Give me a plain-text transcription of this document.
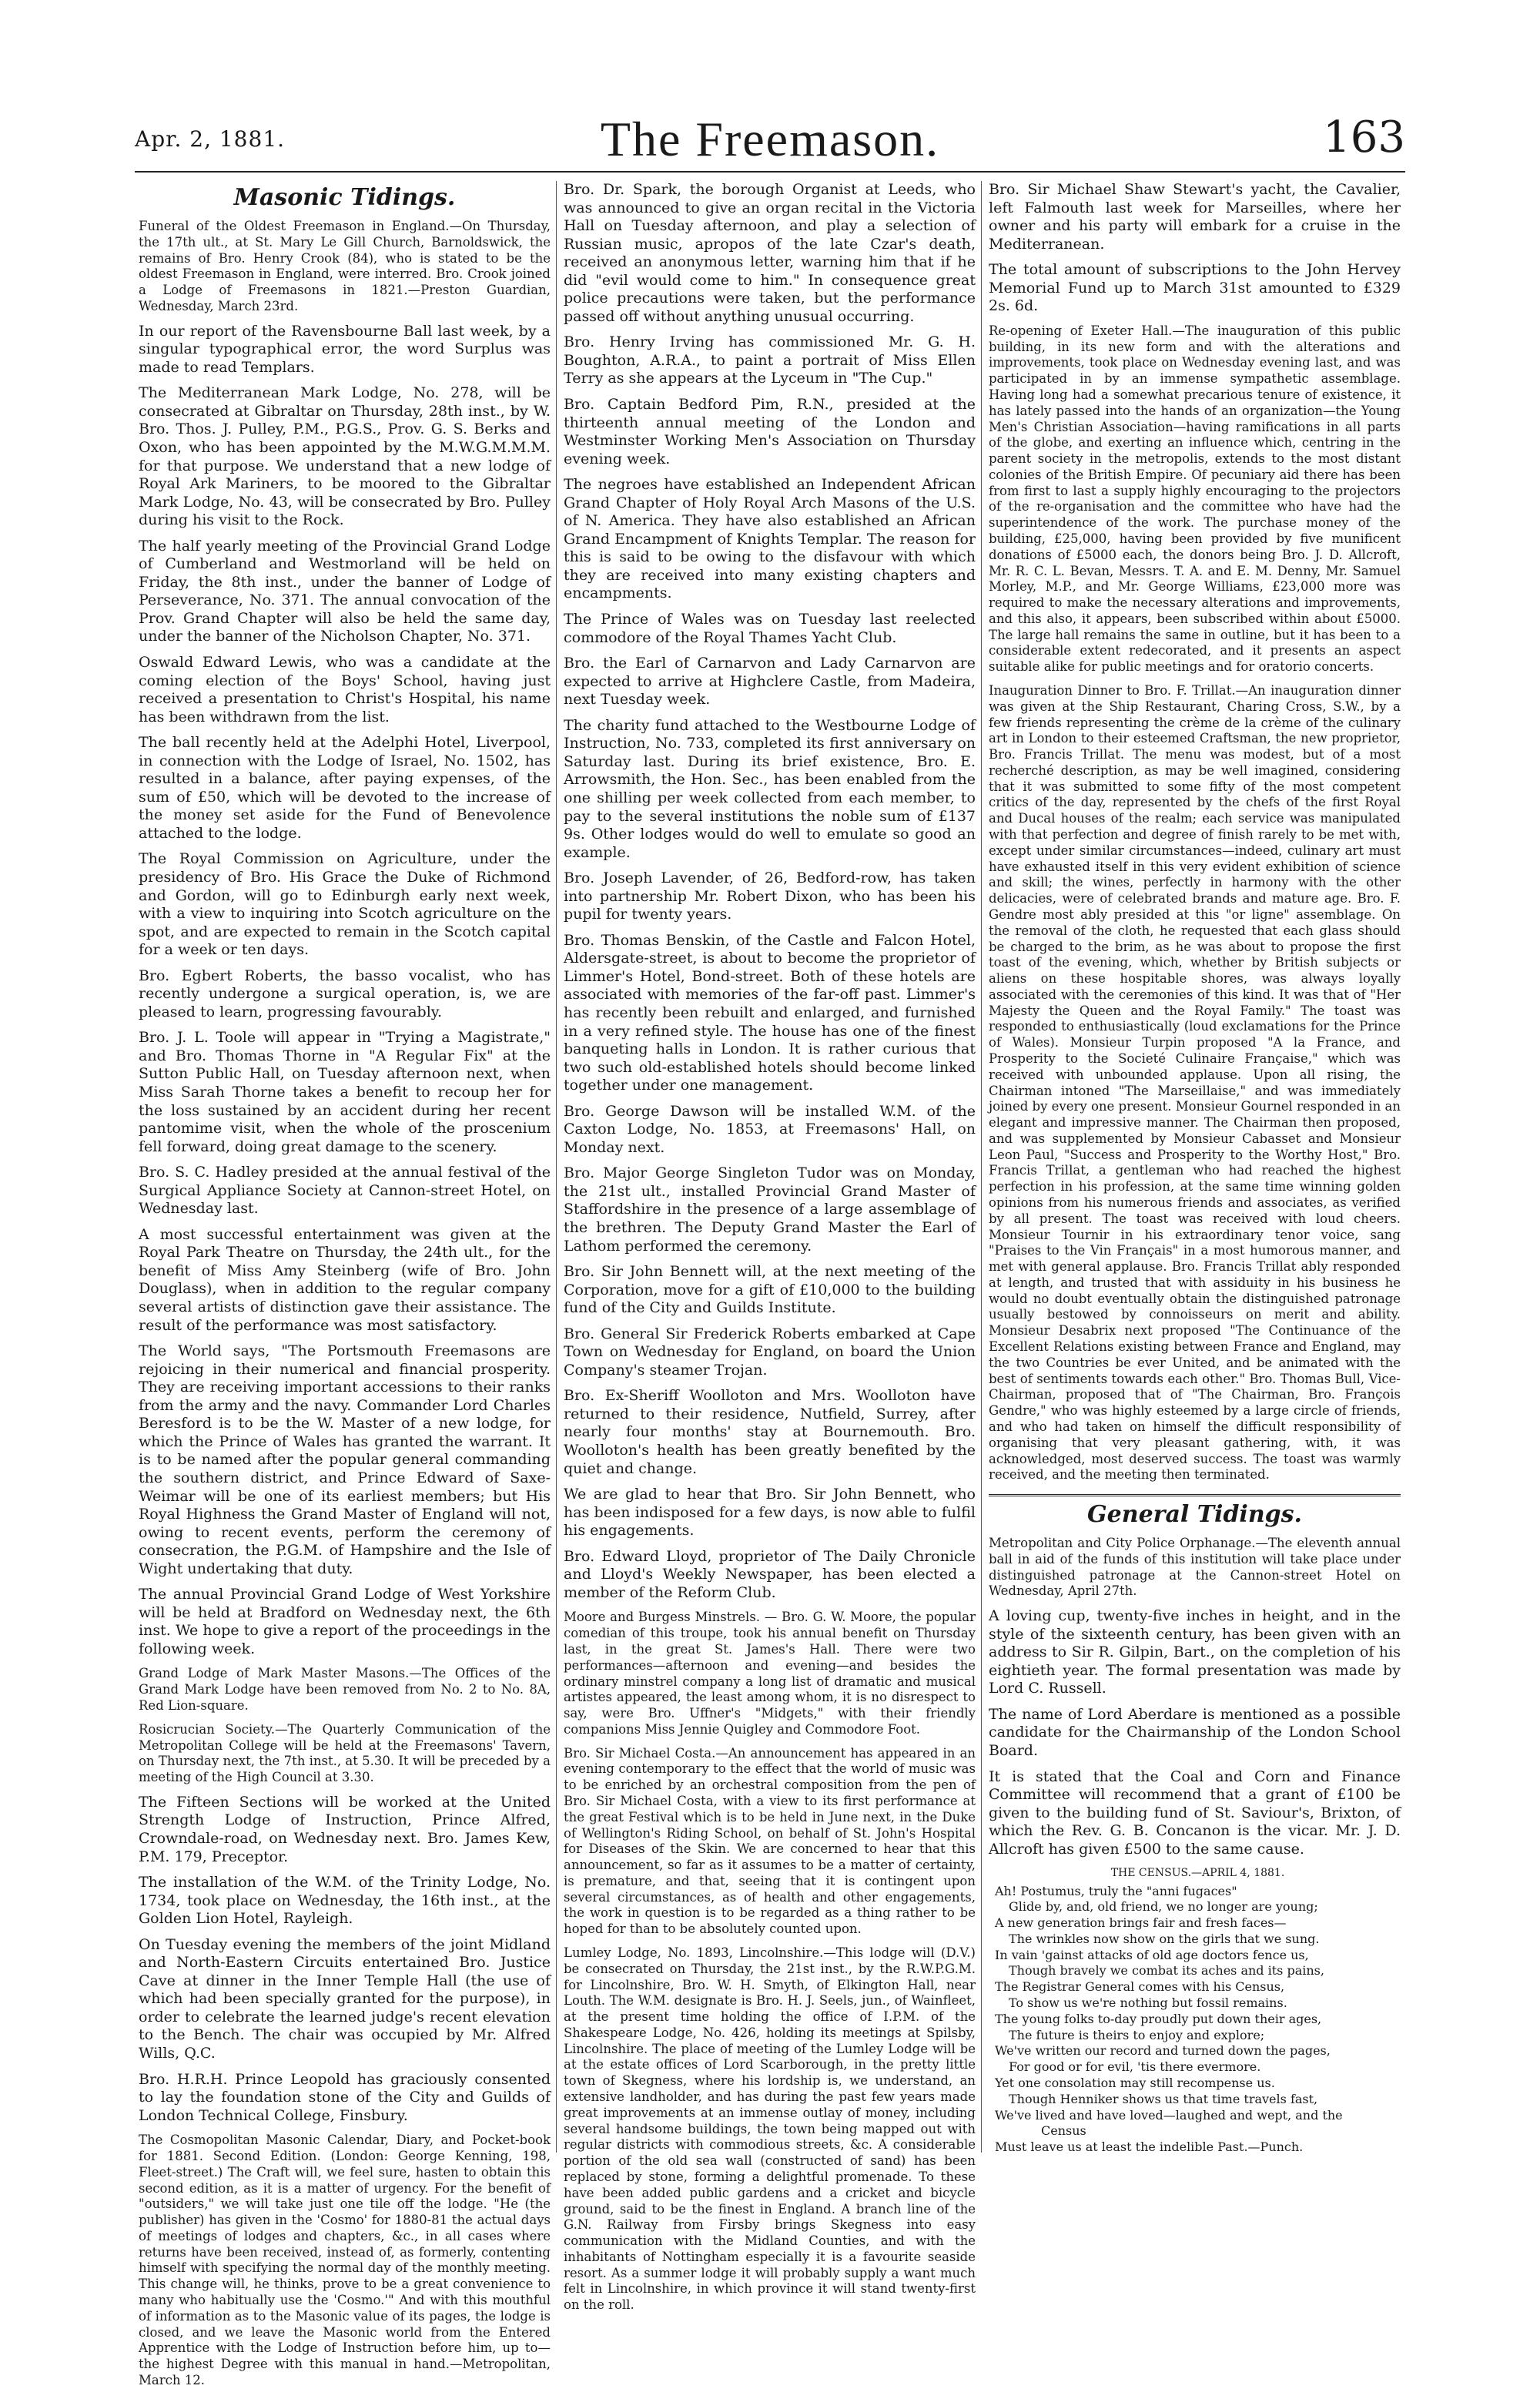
Apr. 2, 1881.	The Freemason.	163
Masonic Tidings.

Funeral of the Oldest Freemason in England.—On Thursday, the 17th ult., at St. Mary Le Gill Church, Barnoldswick, the remains of Bro. Henry Crook (84), who is stated to be the oldest Freemason in England, were interred. Bro. Crook joined a Lodge of Freemasons in 1821.—Preston Guardian, Wednesday, March 23rd.

In our report of the Ravensbourne Ball last week, by a singular typographical error, the word Surplus was made to read Templars.

The Mediterranean Mark Lodge, No. 278, will be consecrated at Gibraltar on Thursday, 28th inst., by W. Bro. Thos. J. Pulley, P.M., P.G.S., Prov. G. S. Berks and Oxon, who has been appointed by the M.W.G.M.M.M. for that purpose. We understand that a new lodge of Royal Ark Mariners, to be moored to the Gibraltar Mark Lodge, No. 43, will be consecrated by Bro. Pulley during his visit to the Rock.

The half yearly meeting of the Provincial Grand Lodge of Cumberland and Westmorland will be held on Friday, the 8th inst., under the banner of Lodge of Perseverance, No. 371. The annual convocation of the Prov. Grand Chapter will also be held the same day, under the banner of the Nicholson Chapter, No. 371.

Oswald Edward Lewis, who was a candidate at the coming election of the Boys' School, having just received a presentation to Christ's Hospital, his name has been withdrawn from the list.

The ball recently held at the Adelphi Hotel, Liverpool, in connection with the Lodge of Israel, No. 1502, has resulted in a balance, after paying expenses, of the sum of £50, which will be devoted to the increase of the money set aside for the Fund of Benevolence attached to the lodge.

The Royal Commission on Agriculture, under the presidency of Bro. His Grace the Duke of Richmond and Gordon, will go to Edinburgh early next week, with a view to inquiring into Scotch agriculture on the spot, and are expected to remain in the Scotch capital for a week or ten days.

Bro. Egbert Roberts, the basso vocalist, who has recently undergone a surgical operation, is, we are pleased to learn, progressing favourably.

Bro. J. L. Toole will appear in "Trying a Magistrate," and Bro. Thomas Thorne in "A Regular Fix" at the Sutton Public Hall, on Tuesday afternoon next, when Miss Sarah Thorne takes a benefit to recoup her for the loss sustained by an accident during her recent pantomime visit, when the whole of the proscenium fell forward, doing great damage to the scenery.

Bro. S. C. Hadley presided at the annual festival of the Surgical Appliance Society at Cannon-street Hotel, on Wednesday last.

A most successful entertainment was given at the Royal Park Theatre on Thursday, the 24th ult., for the benefit of Miss Amy Steinberg (wife of Bro. John Douglass), when in addition to the regular company several artists of distinction gave their assistance. The result of the performance was most satisfactory.

The World says, "The Portsmouth Freemasons are rejoicing in their numerical and financial prosperity. They are receiving important accessions to their ranks from the army and the navy. Commander Lord Charles Beresford is to be the W. Master of a new lodge, for which the Prince of Wales has granted the warrant. It is to be named after the popular general commanding the southern district, and Prince Edward of Saxe-Weimar will be one of its earliest members; but His Royal Highness the Grand Master of England will not, owing to recent events, perform the ceremony of consecration, the P.G.M. of Hampshire and the Isle of Wight undertaking that duty.

The annual Provincial Grand Lodge of West Yorkshire will be held at Bradford on Wednesday next, the 6th inst. We hope to give a report of the proceedings in the following week.

Grand Lodge of Mark Master Masons.—The Offices of the Grand Mark Lodge have been removed from No. 2 to No. 8A, Red Lion-square.

Rosicrucian Society.—The Quarterly Communication of the Metropolitan College will be held at the Freemasons' Tavern, on Thursday next, the 7th inst., at 5.30. It will be preceded by a meeting of the High Council at 3.30.

The Fifteen Sections will be worked at the United Strength Lodge of Instruction, Prince Alfred, Crowndale-road, on Wednesday next. Bro. James Kew, P.M. 179, Preceptor.

The installation of the W.M. of the Trinity Lodge, No. 1734, took place on Wednesday, the 16th inst., at the Golden Lion Hotel, Rayleigh.

On Tuesday evening the members of the joint Midland and North-Eastern Circuits entertained Bro. Justice Cave at dinner in the Inner Temple Hall (the use of which had been specially granted for the purpose), in order to celebrate the learned judge's recent elevation to the Bench. The chair was occupied by Mr. Alfred Wills, Q.C.

Bro. H.R.H. Prince Leopold has graciously consented to lay the foundation stone of the City and Guilds of London Technical College, Finsbury.

The Cosmopolitan Masonic Calendar, Diary, and Pocket-book for 1881. Second Edition. (London: George Kenning, 198, Fleet-street.) The Craft will, we feel sure, hasten to obtain this second edition, as it is a matter of urgency. For the benefit of "outsiders," we will take just one tile off the lodge. "He (the publisher) has given in the 'Cosmo' for 1880-81 the actual days of meetings of lodges and chapters, &c., in all cases where returns have been received, instead of, as formerly, contenting himself with specifying the normal day of the monthly meeting. This change will, he thinks, prove to be a great convenience to many who habitually use the 'Cosmo.'" And with this mouthful of information as to the Masonic value of its pages, the lodge is closed, and we leave the Masonic world from the Entered Apprentice with the Lodge of Instruction before him, up to—the highest Degree with this manual in hand.—Metropolitan, March 12.

Bro. Dr. Spark, the borough Organist at Leeds, who was announced to give an organ recital in the Victoria Hall on Tuesday afternoon, and play a selection of Russian music, apropos of the late Czar's death, received an anonymous letter, warning him that if he did "evil would come to him." In consequence great police precautions were taken, but the performance passed off without anything unusual occurring.

Bro. Henry Irving has commissioned Mr. G. H. Boughton, A.R.A., to paint a portrait of Miss Ellen Terry as she appears at the Lyceum in "The Cup."

Bro. Captain Bedford Pim, R.N., presided at the thirteenth annual meeting of the London and Westminster Working Men's Association on Thursday evening week.

The negroes have established an Independent African Grand Chapter of Holy Royal Arch Masons of the U.S. of N. America. They have also established an African Grand Encampment of Knights Templar. The reason for this is said to be owing to the disfavour with which they are received into many existing chapters and encampments.

The Prince of Wales was on Tuesday last reelected commodore of the Royal Thames Yacht Club.

Bro. the Earl of Carnarvon and Lady Carnarvon are expected to arrive at Highclere Castle, from Madeira, next Tuesday week.

The charity fund attached to the Westbourne Lodge of Instruction, No. 733, completed its first anniversary on Saturday last. During its brief existence, Bro. E. Arrowsmith, the Hon. Sec., has been enabled from the one shilling per week collected from each member, to pay to the several institutions the noble sum of £137 9s. Other lodges would do well to emulate so good an example.

Bro. Joseph Lavender, of 26, Bedford-row, has taken into partnership Mr. Robert Dixon, who has been his pupil for twenty years.

Bro. Thomas Benskin, of the Castle and Falcon Hotel, Aldersgate-street, is about to become the proprietor of Limmer's Hotel, Bond-street. Both of these hotels are associated with memories of the far-off past. Limmer's has recently been rebuilt and enlarged, and furnished in a very refined style. The house has one of the finest banqueting halls in London. It is rather curious that two such old-established hotels should become linked together under one management.

Bro. George Dawson will be installed W.M. of the Caxton Lodge, No. 1853, at Freemasons' Hall, on Monday next.

Bro. Major George Singleton Tudor was on Monday, the 21st ult., installed Provincial Grand Master of Staffordshire in the presence of a large assemblage of the brethren. The Deputy Grand Master the Earl of Lathom performed the ceremony.

Bro. Sir John Bennett will, at the next meeting of the Corporation, move for a gift of £10,000 to the building fund of the City and Guilds Institute.

Bro. General Sir Frederick Roberts embarked at Cape Town on Wednesday for England, on board the Union Company's steamer Trojan.

Bro. Ex-Sheriff Woolloton and Mrs. Woolloton have returned to their residence, Nutfield, Surrey, after nearly four months' stay at Bournemouth. Bro. Woolloton's health has been greatly benefited by the quiet and change.

We are glad to hear that Bro. Sir John Bennett, who has been indisposed for a few days, is now able to fulfil his engagements.

Bro. Edward Lloyd, proprietor of The Daily Chronicle and Lloyd's Weekly Newspaper, has been elected a member of the Reform Club.

Moore and Burgess Minstrels. — Bro. G. W. Moore, the popular comedian of this troupe, took his annual benefit on Thursday last, in the great St. James's Hall. There were two performances—afternoon and evening—and besides the ordinary minstrel company a long list of dramatic and musical artistes appeared, the least among whom, it is no disrespect to say, were Bro. Uffner's "Midgets," with their friendly companions Miss Jennie Quigley and Commodore Foot.

Bro. Sir Michael Costa.—An announcement has appeared in an evening contemporary to the effect that the world of music was to be enriched by an orchestral composition from the pen of Bro. Sir Michael Costa, with a view to its first performance at the great Festival which is to be held in June next, in the Duke of Wellington's Riding School, on behalf of St. John's Hospital for Diseases of the Skin. We are concerned to hear that this announcement, so far as it assumes to be a matter of certainty, is premature, and that, seeing that it is contingent upon several circumstances, as of health and other engagements, the work in question is to be regarded as a thing rather to be hoped for than to be absolutely counted upon.

Lumley Lodge, No. 1893, Lincolnshire.—This lodge will (D.V.) be consecrated on Thursday, the 21st inst., by the R.W.P.G.M. for Lincolnshire, Bro. W. H. Smyth, of Elkington Hall, near Louth. The W.M. designate is Bro. H. J. Seels, jun., of Wainfleet, at the present time holding the office of I.P.M. of the Shakespeare Lodge, No. 426, holding its meetings at Spilsby, Lincolnshire. The place of meeting of the Lumley Lodge will be at the estate offices of Lord Scarborough, in the pretty little town of Skegness, where his lordship is, we understand, an extensive landholder, and has during the past few years made great improvements at an immense outlay of money, including several handsome buildings, the town being mapped out with regular districts with commodious streets, &c. A considerable portion of the old sea wall (constructed of sand) has been replaced by stone, forming a delightful promenade. To these have been added public gardens and a cricket and bicycle ground, said to be the finest in England. A branch line of the G.N. Railway from Firsby brings Skegness into easy communication with the Midland Counties, and with the inhabitants of Nottingham especially it is a favourite seaside resort. As a summer lodge it will probably supply a want much felt in Lincolnshire, in which province it will stand twenty-first on the roll.

Bro. Sir Michael Shaw Stewart's yacht, the Cavalier, left Falmouth last week for Marseilles, where her owner and his party will embark for a cruise in the Mediterranean.

The total amount of subscriptions to the John Hervey Memorial Fund up to March 31st amounted to £329 2s. 6d.

Re-opening of Exeter Hall.—The inauguration of this public building, in its new form and with the alterations and improvements, took place on Wednesday evening last, and was participated in by an immense sympathetic assemblage. Having long had a somewhat precarious tenure of existence, it has lately passed into the hands of an organization—the Young Men's Christian Association—having ramifications in all parts of the globe, and exerting an influence which, centring in the parent society in the metropolis, extends to the most distant colonies of the British Empire. Of pecuniary aid there has been from first to last a supply highly encouraging to the projectors of the re-organisation and the committee who have had the superintendence of the work. The purchase money of the building, £25,000, having been provided by five munificent donations of £5000 each, the donors being Bro. J. D. Allcroft, Mr. R. C. L. Bevan, Messrs. T. A. and E. M. Denny, Mr. Samuel Morley, M.P., and Mr. George Williams, £23,000 more was required to make the necessary alterations and improvements, and this also, it appears, been subscribed within about £5000. The large hall remains the same in outline, but it has been to a considerable extent redecorated, and it presents an aspect suitable alike for public meetings and for oratorio concerts.

Inauguration Dinner to Bro. F. Trillat.—An inauguration dinner was given at the Ship Restaurant, Charing Cross, S.W., by a few friends representing the crème de la crème of the culinary art in London to their esteemed Craftsman, the new proprietor, Bro. Francis Trillat. The menu was modest, but of a most recherché description, as may be well imagined, considering that it was submitted to some fifty of the most competent critics of the day, represented by the chefs of the first Royal and Ducal houses of the realm; each service was manipulated with that perfection and degree of finish rarely to be met with, except under similar circumstances—indeed, culinary art must have exhausted itself in this very evident exhibition of science and skill; the wines, perfectly in harmony with the other delicacies, were of celebrated brands and mature age. Bro. F. Gendre most ably presided at this "or ligne" assemblage. On the removal of the cloth, he requested that each glass should be charged to the brim, as he was about to propose the first toast of the evening, which, whether by British subjects or aliens on these hospitable shores, was always loyally associated with the ceremonies of this kind. It was that of "Her Majesty the Queen and the Royal Family." The toast was responded to enthusiastically (loud exclamations for the Prince of Wales). Monsieur Turpin proposed "A la France, and Prosperity to the Societé Culinaire Française," which was received with unbounded applause. Upon all rising, the Chairman intoned "The Marseillaise," and was immediately joined by every one present. Monsieur Gournel responded in an elegant and impressive manner. The Chairman then proposed, and was supplemented by Monsieur Cabasset and Monsieur Leon Paul, "Success and Prosperity to the Worthy Host," Bro. Francis Trillat, a gentleman who had reached the highest perfection in his profession, at the same time winning golden opinions from his numerous friends and associates, as verified by all present. The toast was received with loud cheers. Monsieur Tournir in his extraordinary tenor voice, sang "Praises to the Vin Français" in a most humorous manner, and met with general applause. Bro. Francis Trillat ably responded at length, and trusted that with assiduity in his business he would no doubt eventually obtain the distinguished patronage usually bestowed by connoisseurs on merit and ability. Monsieur Desabrix next proposed "The Continuance of the Excellent Relations existing between France and England, may the two Countries be ever United, and be animated with the best of sentiments towards each other." Bro. Thomas Bull, Vice-Chairman, proposed that of "The Chairman, Bro. François Gendre," who was highly esteemed by a large circle of friends, and who had taken on himself the difficult responsibility of organising that very pleasant gathering, with, it was acknowledged, most deserved success. The toast was warmly received, and the meeting then terminated.

General Tidings.

Metropolitan and City Police Orphanage.—The eleventh annual ball in aid of the funds of this institution will take place under distinguished patronage at the Cannon-street Hotel on Wednesday, April 27th.

A loving cup, twenty-five inches in height, and in the style of the sixteenth century, has been given with an address to Sir R. Gilpin, Bart., on the completion of his eightieth year. The formal presentation was made by Lord C. Russell.

The name of Lord Aberdare is mentioned as a possible candidate for the Chairmanship of the London School Board.

It is stated that the Coal and Corn and Finance Committee will recommend that a grant of £100 be given to the building fund of St. Saviour's, Brixton, of which the Rev. G. B. Concanon is the vicar. Mr. J. D. Allcroft has given £500 to the same cause.

THE CENSUS.—APRIL 4, 1881.
Ah! Postumus, truly the "anni fugaces"
Glide by, and, old friend, we no longer are young;
A new generation brings fair and fresh faces—
The wrinkles now show on the girls that we sung.
In vain 'gainst attacks of old age doctors fence us,
Though bravely we combat its aches and its pains,
The Registrar General comes with his Census,
To show us we're nothing but fossil remains.
The young folks to-day proudly put down their ages,
The future is theirs to enjoy and explore;
We've written our record and turned down the pages,
For good or for evil, 'tis there evermore.
Yet one consolation may still recompense us.
Though Henniker shows us that time travels fast,
We've lived and have loved—laughed and wept, and the
Census
Must leave us at least the indelible Past.—Punch.
